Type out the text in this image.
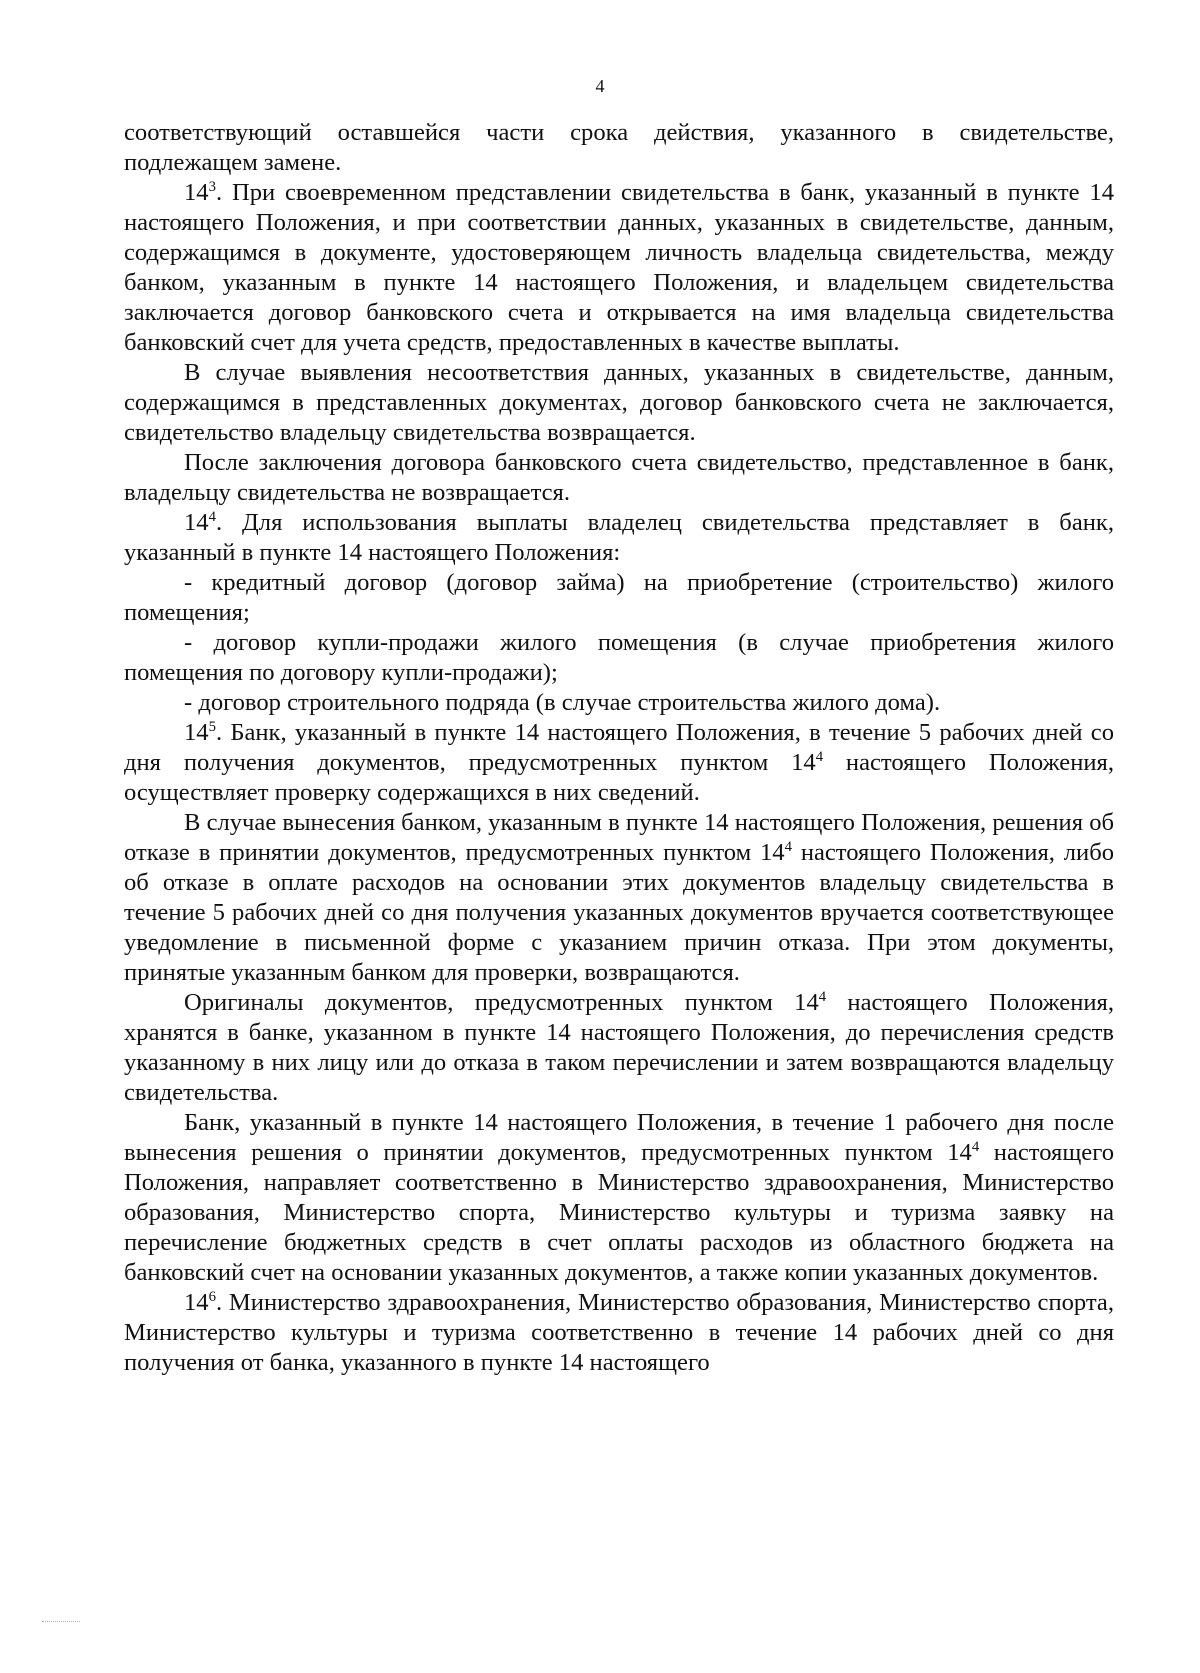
4

соответствующий оставшейся части срока действия, указанного в свидетельстве, подлежащем замене.

$14^3$. При своевременном представлении свидетельства в банк, указанный в пункте 14 настоящего Положения, и при соответствии данных, указанных в свидетельстве, данным, содержащимся в документе, удостоверяющем личность владельца свидетельства, между банком, указанным в пункте 14 настоящего Положения, и владельцем свидетельства заключается договор банковского счета и открывается на имя владельца свидетельства банковский счет для учета средств, предоставленных в качестве выплаты.

В случае выявления несоответствия данных, указанных в свидетельстве, данным, содержащимся в представленных документах, договор банковского счета не заключается, свидетельство владельцу свидетельства возвращается.

После заключения договора банковского счета свидетельство, представленное в банк, владельцу свидетельства не возвращается.

$14^4$. Для использования выплаты владелец свидетельства представляет в банк, указанный в пункте 14 настоящего Положения:

- кредитный договор (договор займа) на приобретение (строительство) жилого помещения;

- договор купли-продажи жилого помещения (в случае приобретения жилого помещения по договору купли-продажи);

- договор строительного подряда (в случае строительства жилого дома).

$14^5$. Банк, указанный в пункте 14 настоящего Положения, в течение 5 рабочих дней со дня получения документов, предусмотренных пунктом $14^4$ настоящего Положения, осуществляет проверку содержащихся в них сведений.

В случае вынесения банком, указанным в пункте 14 настоящего Положения, решения об отказе в принятии документов, предусмотренных пунктом $14^4$ настоящего Положения, либо об отказе в оплате расходов на основании этих документов владельцу свидетельства в течение 5 рабочих дней со дня получения указанных документов вручается соответствующее уведомление в письменной форме с указанием причин отказа. При этом документы, принятые указанным банком для проверки, возвращаются.

Оригиналы документов, предусмотренных пунктом $14^4$ настоящего Положения, хранятся в банке, указанном в пункте 14 настоящего Положения, до перечисления средств указанному в них лицу или до отказа в таком перечислении и затем возвращаются владельцу свидетельства.

Банк, указанный в пункте 14 настоящего Положения, в течение 1 рабочего дня после вынесения решения о принятии документов, предусмотренных пунктом $14^4$ настоящего Положения, направляет соответственно в Министерство здравоохранения, Министерство образования, Министерство спорта, Министерство культуры и туризма заявку на перечисление бюджетных средств в счет оплаты расходов из областного бюджета на банковский счет на основании указанных документов, а также копии указанных документов.

$14^6$. Министерство здравоохранения, Министерство образования, Министерство спорта, Министерство культуры и туризма соответственно в течение 14 рабочих дней со дня получения от банка, указанного в пункте 14 настоящего
